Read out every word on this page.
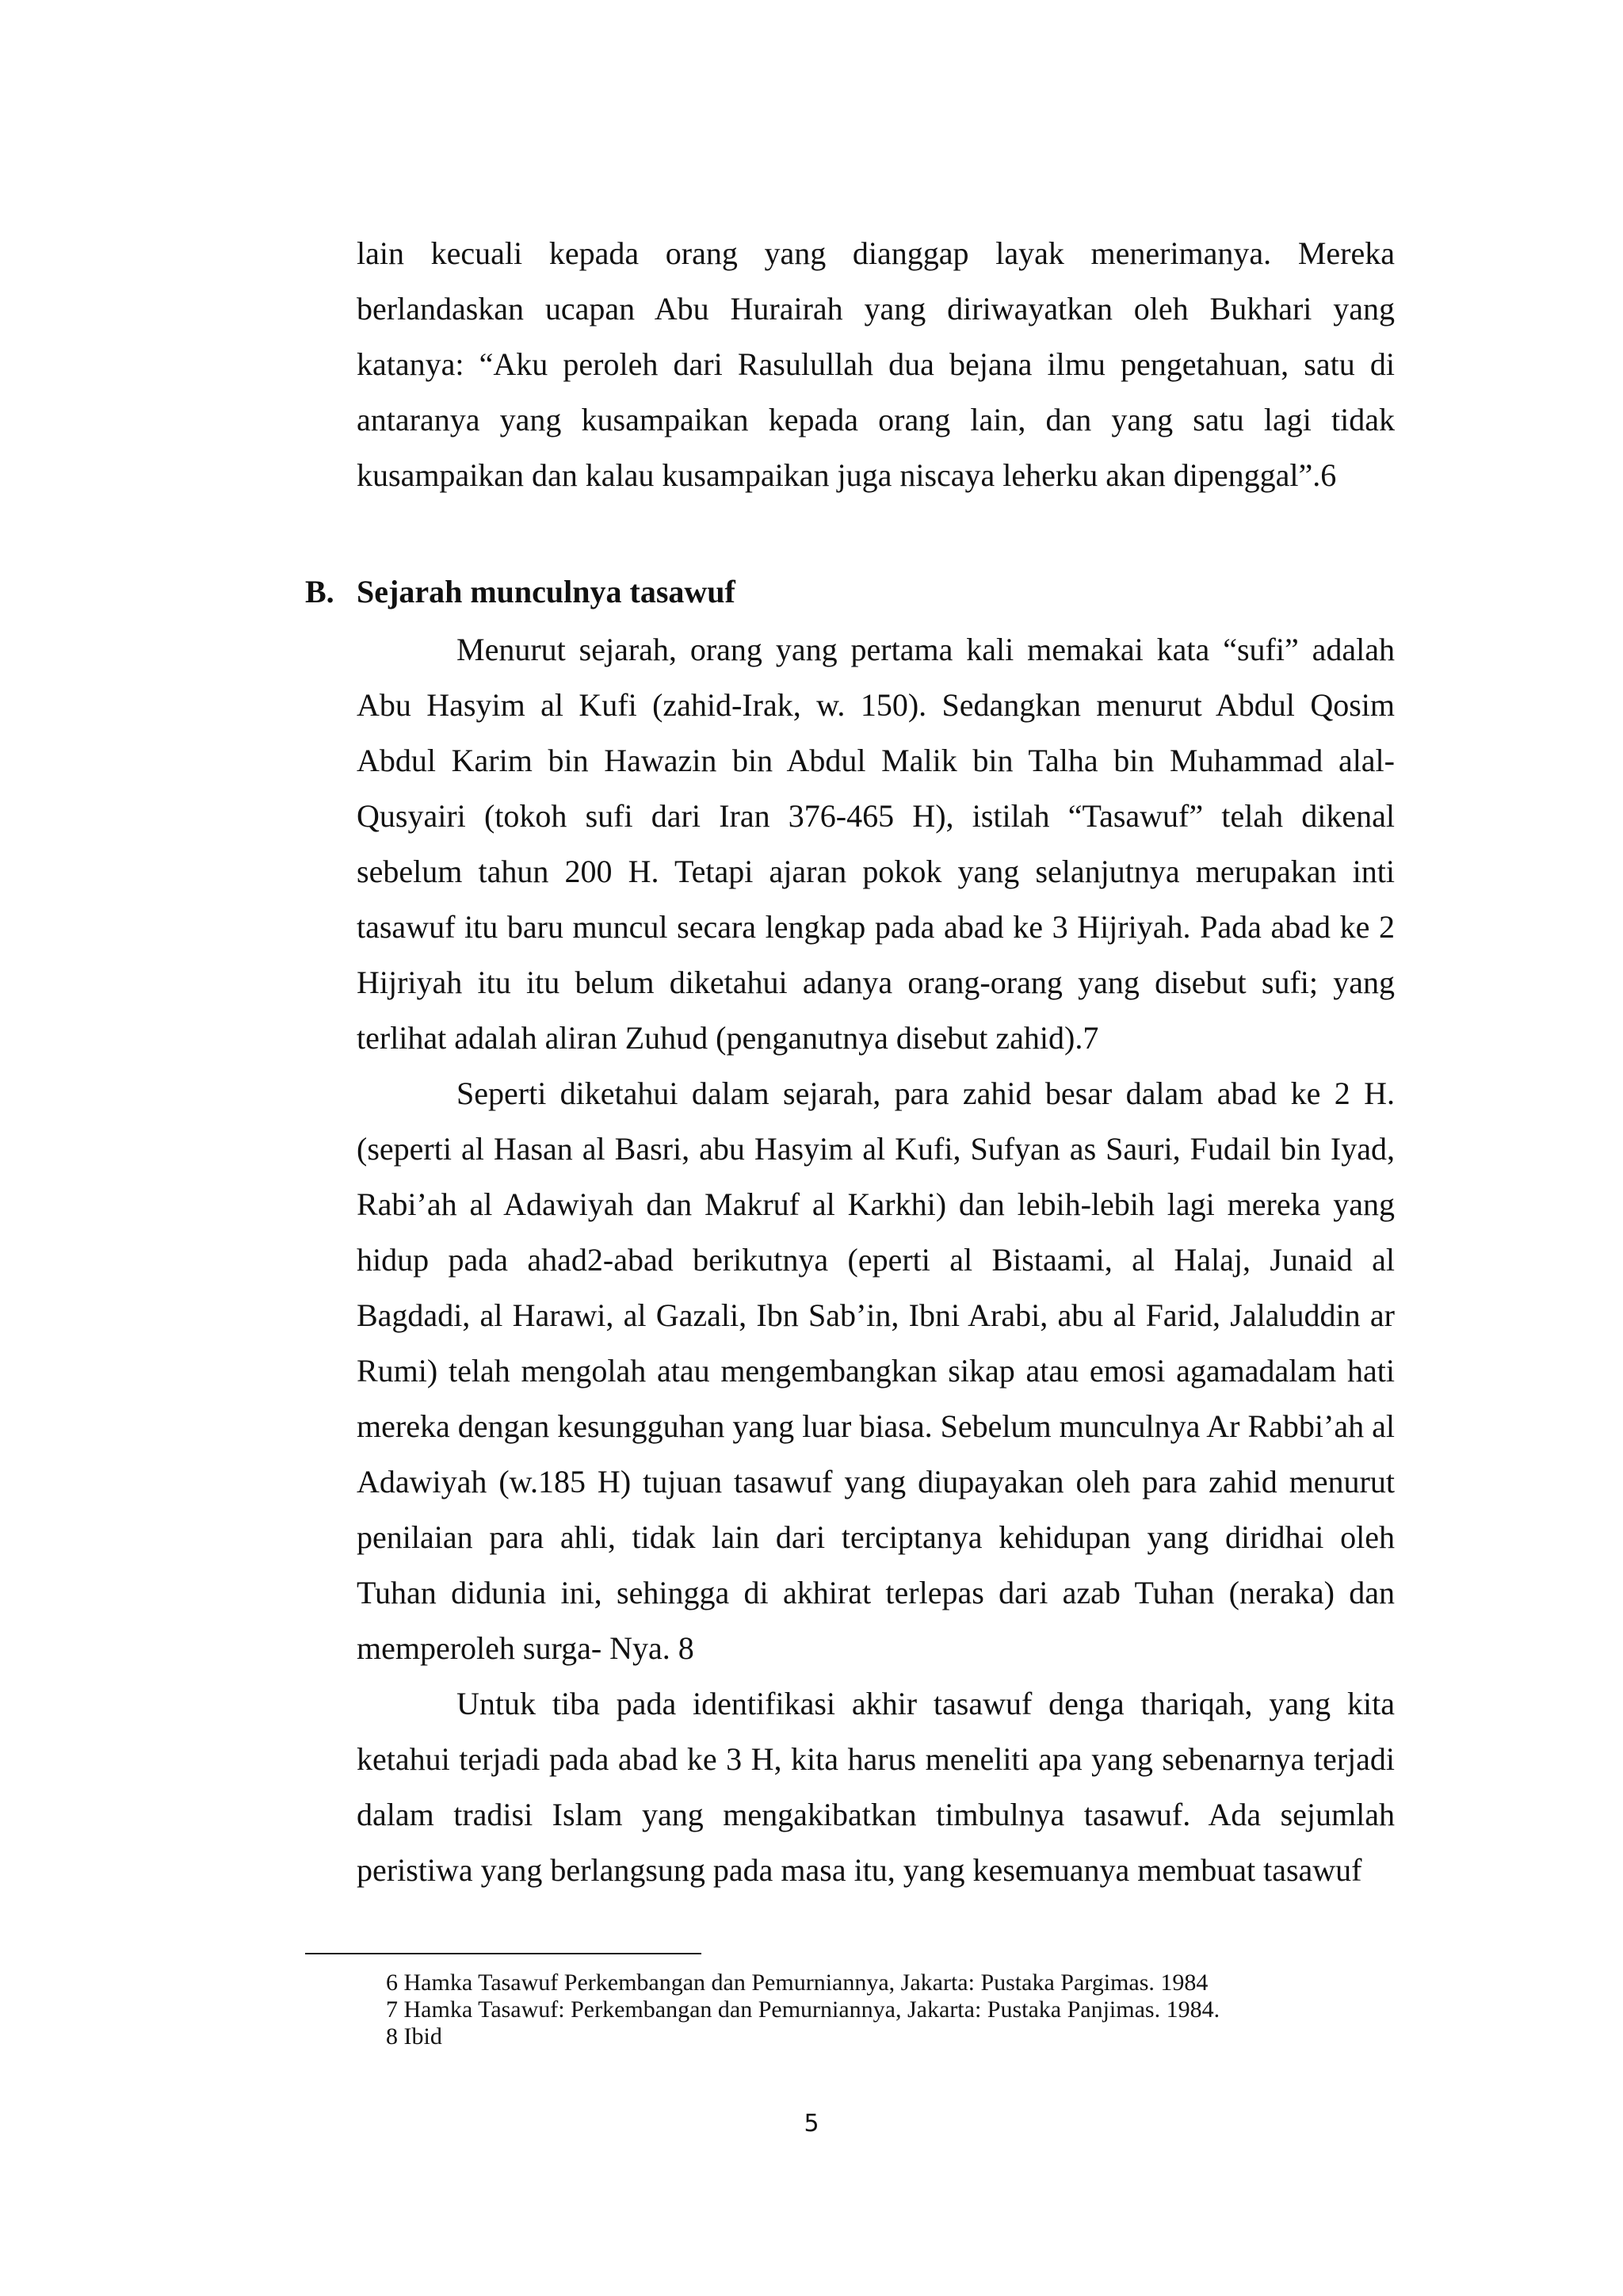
lain kecuali kepada orang yang dianggap layak menerimanya. Mereka berlandaskan ucapan Abu Hurairah yang diriwayatkan oleh Bukhari yang katanya: “Aku peroleh dari Rasulullah dua bejana ilmu pengetahuan, satu di antaranya yang kusampaikan kepada orang lain, dan yang satu lagi tidak kusampaikan dan kalau kusampaikan juga niscaya leherku akan dipenggal”.6

B. Sejarah munculnya tasawuf

Menurut sejarah, orang yang pertama kali memakai kata “sufi” adalah Abu Hasyim al Kufi (zahid-Irak, w. 150). Sedangkan menurut Abdul Qosim Abdul Karim bin Hawazin bin Abdul Malik bin Talha bin Muhammad alal-Qusyairi (tokoh sufi dari Iran 376-465 H), istilah “Tasawuf” telah dikenal sebelum tahun 200 H. Tetapi ajaran pokok yang selanjutnya merupakan inti tasawuf itu baru muncul secara lengkap pada abad ke 3 Hijriyah. Pada abad ke 2 Hijriyah itu itu belum diketahui adanya orang-orang yang disebut sufi; yang terlihat adalah aliran Zuhud (penganutnya disebut zahid).7

Seperti diketahui dalam sejarah, para zahid besar dalam abad ke 2 H. (seperti al Hasan al Basri, abu Hasyim al Kufi, Sufyan as Sauri, Fudail bin Iyad, Rabi’ah al Adawiyah dan Makruf al Karkhi) dan lebih-lebih lagi mereka yang hidup pada ahad2-abad berikutnya (eperti al Bistaami, al Halaj, Junaid al Bagdadi, al Harawi, al Gazali, Ibn Sab’in, Ibni Arabi, abu al Farid, Jalaluddin ar Rumi) telah mengolah atau mengembangkan sikap atau emosi agamadalam hati mereka dengan kesungguhan yang luar biasa. Sebelum munculnya Ar Rabbi’ah al Adawiyah (w.185 H) tujuan tasawuf yang diupayakan oleh para zahid menurut penilaian para ahli, tidak lain dari terciptanya kehidupan yang diridhai oleh Tuhan didunia ini, sehingga di akhirat terlepas dari azab Tuhan (neraka) dan memperoleh surga- Nya. 8

Untuk tiba pada identifikasi akhir tasawuf denga thariqah, yang kita ketahui terjadi pada abad ke 3 H, kita harus meneliti apa yang sebenarnya terjadi dalam tradisi Islam yang mengakibatkan timbulnya tasawuf. Ada sejumlah peristiwa yang berlangsung pada masa itu, yang kesemuanya membuat tasawuf

6 Hamka Tasawuf Perkembangan dan Pemurniannya, Jakarta: Pustaka Pargimas. 1984
7 Hamka Tasawuf: Perkembangan dan Pemurniannya, Jakarta: Pustaka Panjimas. 1984.
8 Ibid
5
